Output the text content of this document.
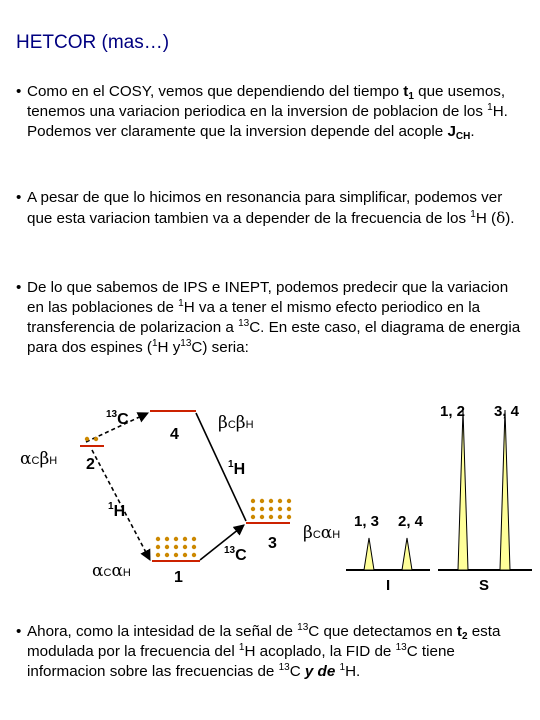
HETCOR (mas…)
• Como en el COSY, vemos que dependiendo del tiempo $t_1$ que usemos, tenemos una variacion periodica en la inversion de poblacion de los $^1$H. Podemos ver claramente que la inversion depende del acople $J_{CH}$.
• A pesar de que lo hicimos en resonancia para simplificar, podemos ver que esta variacion tambien va a depender de la frecuencia de los $^1$H (δ).
• De lo que sabemos de IPS e INEPT, podemos predecir que la variacion en las poblaciones de $^1$H va a tener el mismo efecto periodico en la transferencia de polarizacion a $^{13}$C. En este caso, el diagrama de energia para dos espines ($^1$H $y^{13}C$) seria:
αCβH
βCβH
βCαH
αCαH
2
4
3
1
$^{13}$C
$^1$H
$^1$H
$^{13}$C
1, 3 2, 4
I
1, 2 3, 4
S
• Ahora, como la intesidad de la señal de $^{13}$C que detectamos en $t_2$ esta modulada por la frecuencia del $^1$H acoplado, la FID de $^{13}$C tiene informacion sobre las frecuencias de $^{13}$C y de $^1$H.
